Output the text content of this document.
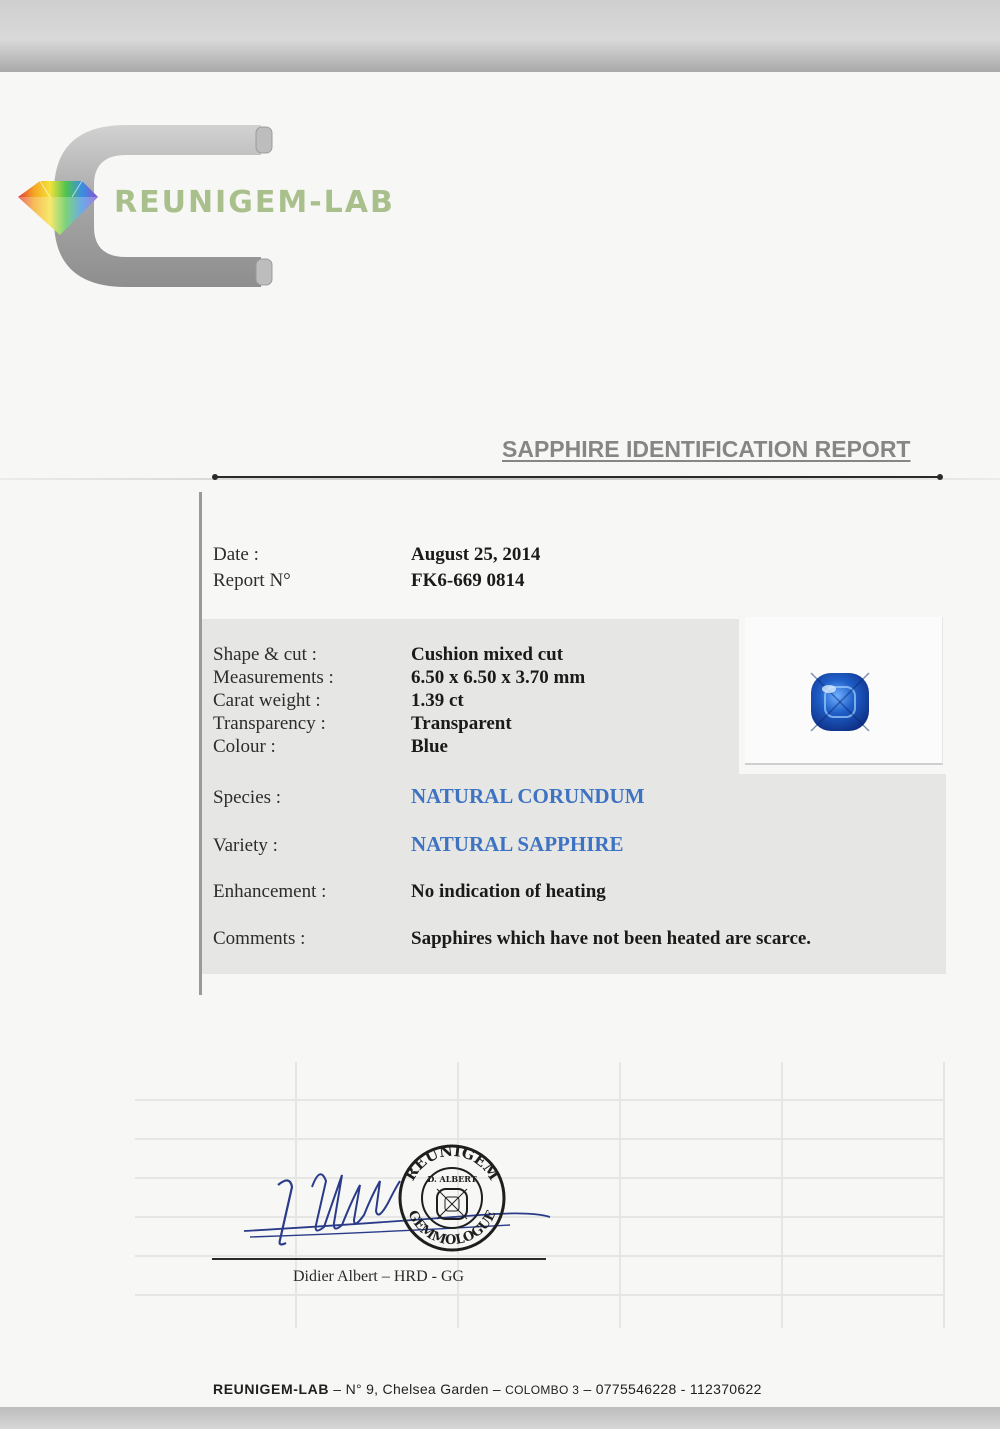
REUNIGEM-LAB
SAPPHIRE IDENTIFICATION REPORT
Date :	August 25, 2014
Report N°	FK6-669 0814
Shape & cut :	Cushion mixed cut
Measurements :	6.50 x 6.50 x 3.70 mm
Carat weight :	1.39 ct
Transparency :	Transparent
Colour :	Blue
Species :	NATURAL CORUNDUM
Variety :	NATURAL SAPPHIRE
Enhancement :	No indication of heating
Comments :	Sapphires which have not been heated are scarce.
REUNIGEM
D. ALBERT
GEMMOLOGUE
Didier Albert – HRD - GG
REUNIGEM-LAB – N° 9, Chelsea Garden – COLOMBO 3 – 0775546228 - 112370622
